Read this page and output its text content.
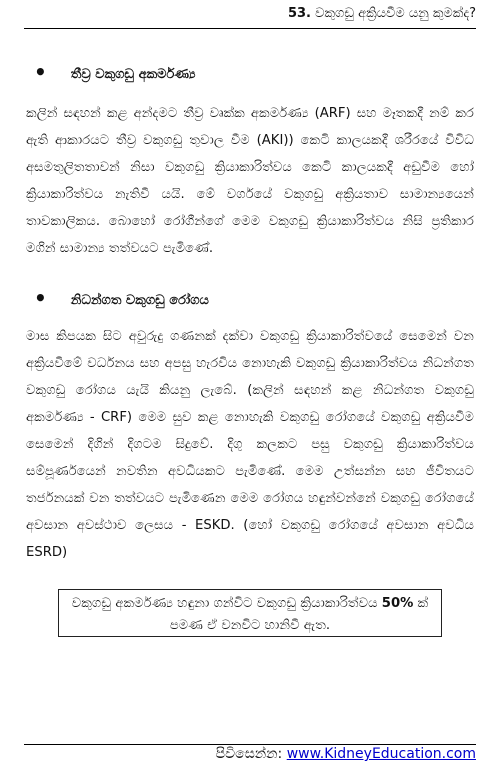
53. වකුගඩු අක්‍රියවීම යනු කුමක්ද?
• තීව්‍ර වකුගඩු අකර්මණ්‍ය
කලින් සඳහන් කළ අන්දමට තීව්‍ර වෘක්ක අකර්මණ්‍ය (ARF) සහ මෑතකදී නම් කර ඇති ආකාරයට තීව්‍ර වකුගඩු තුවාල වීම (AKI)) කෙටි කාලයකදී ශරීරයේ විවිධ අසමතුලිතතාවන් නිසා වකුගඩු ක්‍රියාකාරිත්වය කෙටි කාලයකදී අඩුවීම හෝ ක්‍රියාකාරිත්වය නැතිවී යයි. මේ වර්ගයේ වකුගඩු අක්‍රියතාව සාමාන්‍යයෙන් තාවකාලිකය. බොහෝ රෝගීන්ගේ මෙම වකුගඩු ක්‍රියාකාරිත්වය නිසි ප්‍රතිකාර මගින් සාමාන්‍ය තත්වයට පැමිණේ.
• නිධන්ගත වකුගඩු රෝගය
මාස කිපයක සිට අවුරුදු ගණනක් දක්වා වකුගඩු ක්‍රියාකාරිත්වයේ සෙමෙන් වන අක්‍රියවීමේ වර්ධනය සහ අපසු හැරවිය නොහැකි වකුගඩු ක්‍රියාකාරිත්වය නිධන්ගත වකුගඩු රෝගය යැයි කියනු ලැබේ. (කලින් සඳහන් කළ නිධන්ගත වකුගඩු අකර්මණ්‍ය - CRF) මෙම සුව කළ නොහැකි වකුගඩු රෝගයේ වකුගඩු අක්‍රියවීම සෙමෙන් දිගින් දිගටම සිදුවේ. දිගු කලකට පසු වකුගඩු ක්‍රියාකාරිත්වය සම්පූර්ණයෙන් නවතින අවධියකට පැමිණේ. මෙම උත්සන්න සහ ජීවිතයට තර්ජනයක් වන තත්වයට පැමිණෙන මෙම රෝගය හඳුන්වන්නේ වකුගඩු රෝගයේ අවසාන අවස්ථාව ලෙසය - ESKD. (හෝ වකුගඩු රෝගයේ අවසාන අවධිය ESRD)
වකුගඩු අකර්මණ්‍ය හඳුනා ගන්විට වකුගඩු ක්‍රියාකාරිත්වය 50% ක් පමණ ඒ වනවිට හානිවී ඇත.
පිවිසෙන්න: www.KidneyEducation.com
